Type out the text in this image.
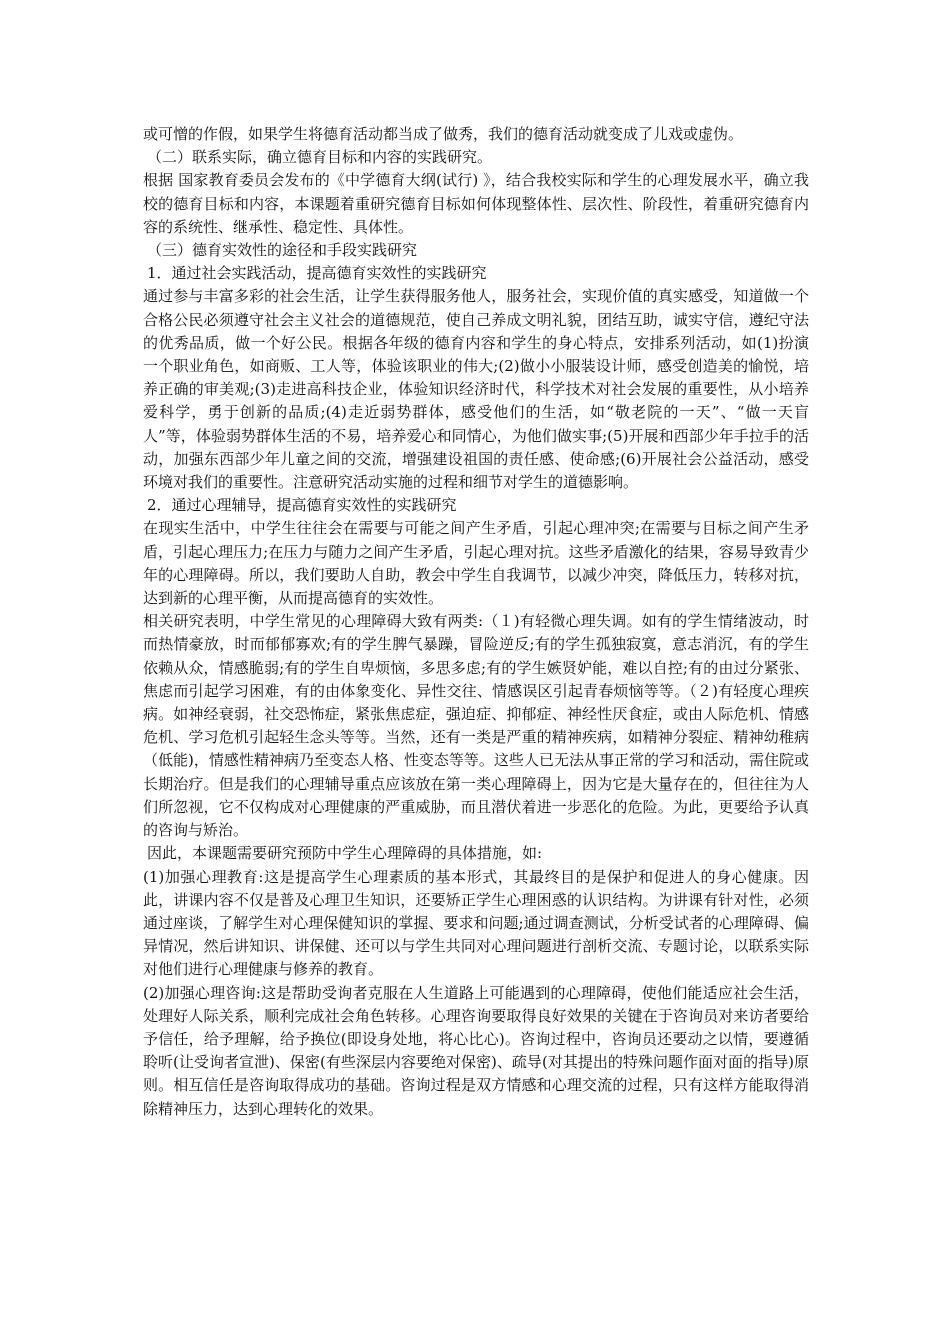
或可憎的作假，如果学生将德育活动都当成了做秀，我们的德育活动就变成了儿戏或虚伪。

（二）联系实际，确立德育目标和内容的实践研究。

根据 国家教育委员会发布的《中学德育大纲(试行) 》，结合我校实际和学生的心理发展水平，确立我校的德育目标和内容，本课题着重研究德育目标如何体现整体性、层次性、阶段性，着重研究德育内容的系统性、继承性、稳定性、具体性。

（三）德育实效性的途径和手段实践研究

1．通过社会实践活动，提高德育实效性的实践研究

通过参与丰富多彩的社会生活，让学生获得服务他人，服务社会，实现价值的真实感受，知道做一个合格公民必须遵守社会主义社会的道德规范，使自己养成文明礼貌，团结互助，诚实守信，遵纪守法的优秀品质，做一个好公民。根据各年级的德育内容和学生的身心特点，安排系列活动，如(1)扮演一个职业角色，如商贩、工人等，体验该职业的伟大;(2)做小小服装设计师，感受创造美的愉悦，培养正确的审美观;(3)走进高科技企业，体验知识经济时代，科学技术对社会发展的重要性，从小培养爱科学，勇于创新的品质;(4)走近弱势群体，感受他们的生活，如“敬老院的一天”、“做一天盲人”等，体验弱势群体生活的不易，培养爱心和同情心，为他们做实事;(5)开展和西部少年手拉手的活动，加强东西部少年儿童之间的交流，增强建设祖国的责任感、使命感;(6)开展社会公益活动，感受环境对我们的重要性。注意研究活动实施的过程和细节对学生的道德影响。

2．通过心理辅导，提高德育实效性的实践研究

在现实生活中，中学生往往会在需要与可能之间产生矛盾，引起心理冲突;在需要与目标之间产生矛盾，引起心理压力;在压力与随力之间产生矛盾，引起心理对抗。这些矛盾激化的结果，容易导致青少年的心理障碍。所以，我们要助人自助，教会中学生自我调节，以减少冲突，降低压力，转移对抗，达到新的心理平衡，从而提高德育的实效性。

相关研究表明，中学生常见的心理障碍大致有两类:（１)有轻微心理失调。如有的学生情绪波动，时而热情豪放，时而郁郁寡欢;有的学生脾气暴躁，冒险逆反;有的学生孤独寂寞，意志消沉，有的学生依赖从众，情感脆弱;有的学生自卑烦恼，多思多虑;有的学生嫉贤妒能，难以自控;有的由过分紧张、焦虑而引起学习困难，有的由体象变化、异性交往、情感误区引起青春烦恼等等。（２)有轻度心理疾病。如神经衰弱，社交恐怖症，紧张焦虑症，强迫症、抑郁症、神经性厌食症，或由人际危机、情感危机、学习危机引起轻生念头等等。当然，还有一类是严重的精神疾病，如精神分裂症、精神幼稚病（低能)，情感性精神病乃至变态人格、性变态等等。这些人已无法从事正常的学习和活动，需住院或长期治疗。但是我们的心理辅导重点应该放在第一类心理障碍上，因为它是大量存在的，但往往为人们所忽视，它不仅构成对心理健康的严重威胁，而且潜伏着进一步恶化的危险。为此，更要给予认真的咨询与矫治。

因此，本课题需要研究预防中学生心理障碍的具体措施，如:

(1)加强心理教育:这是提高学生心理素质的基本形式，其最终目的是保护和促进人的身心健康。因此，讲课内容不仅是普及心理卫生知识，还要矫正学生心理困惑的认识结构。为讲课有针对性，必须通过座谈，了解学生对心理保健知识的掌握、要求和问题;通过调查测试，分析受试者的心理障碍、偏异情况，然后讲知识、讲保健、还可以与学生共同对心理问题进行剖析交流、专题讨论，以联系实际对他们进行心理健康与修养的教育。

(2)加强心理咨询:这是帮助受询者克服在人生道路上可能遇到的心理障碍，使他们能适应社会生活，处理好人际关系，顺利完成社会角色转移。心理咨询要取得良好效果的关键在于咨询员对来访者要给予信任，给予理解，给予换位(即设身处地，将心比心)。咨询过程中，咨询员还要动之以情，要遵循聆听(让受询者宣泄)、保密(有些深层内容要绝对保密)、疏导(对其提出的特殊问题作面对面的指导)原则。相互信任是咨询取得成功的基础。咨询过程是双方情感和心理交流的过程，只有这样方能取得消除精神压力，达到心理转化的效果。
